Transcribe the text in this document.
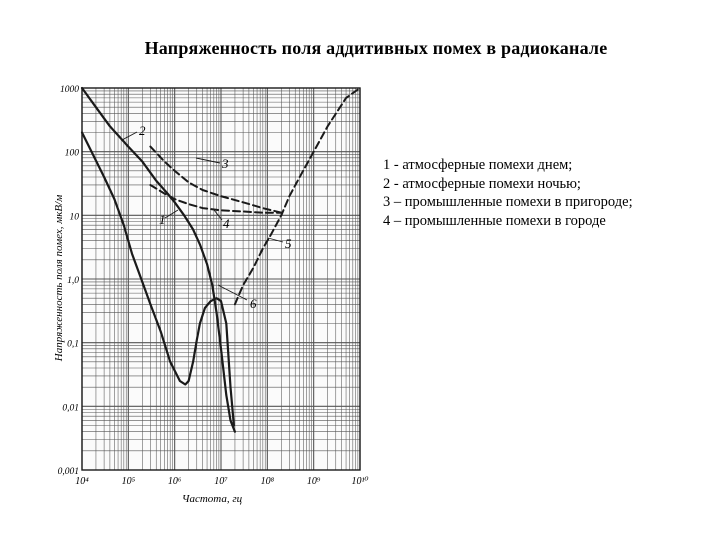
Напряженность поля аддитивных помех в радиоканале
10⁴	10⁵	10⁶	10⁷	10⁸	10⁹	10¹⁰
1000
100
10
1,0
0,1
0,01
0,001
1
2
3
4
5
6
Частота, гц
Напряженность поля помех, мкВ/м
1 - атмосферные помехи днем;
2 - атмосферные помехи ночью;
3 – промышленные помехи в пригороде;
4 – промышленные помехи в городе
